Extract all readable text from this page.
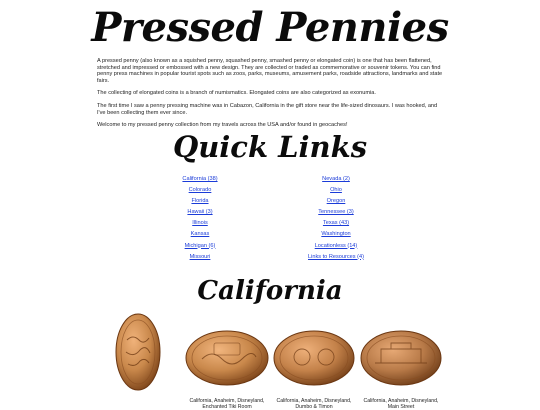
Pressed Pennies

A pressed penny (also known as a squished penny, squashed penny, smashed penny or elongated coin) is one that has been flattened, stretched and impressed or embossed with a new design. They are collected or traded as commemorative or souvenir tokens. You can find penny press machines in popular tourist spots such as zoos, parks, museums, amusement parks, roadside attractions, landmarks and state fairs.

The collecting of elongated coins is a branch of numismatics. Elongated coins are also categorized as exonumia.

The first time I saw a penny pressing machine was in Cabazon, California in the gift store near the life-sized dinosaurs. I was hooked, and I've been collecting them ever since.

Welcome to my pressed penny collection from my travels across the USA and/or found in geocaches!

Quick Links
California (38)
Colorado
Florida
Hawaii (3)
Illinois
Kansas
Michigan (6)
Missouri
Nevada (2)
Ohio
Oregon
Tennessee (3)
Texas (43)
Washington
Locationless (14)
Links to Resources (4)
California
California, Anaheim, Disneyland, Enchanted Tiki Room
California, Anaheim, Disneyland, Dumbo & Timon
California, Anaheim, Disneyland, Main Street
